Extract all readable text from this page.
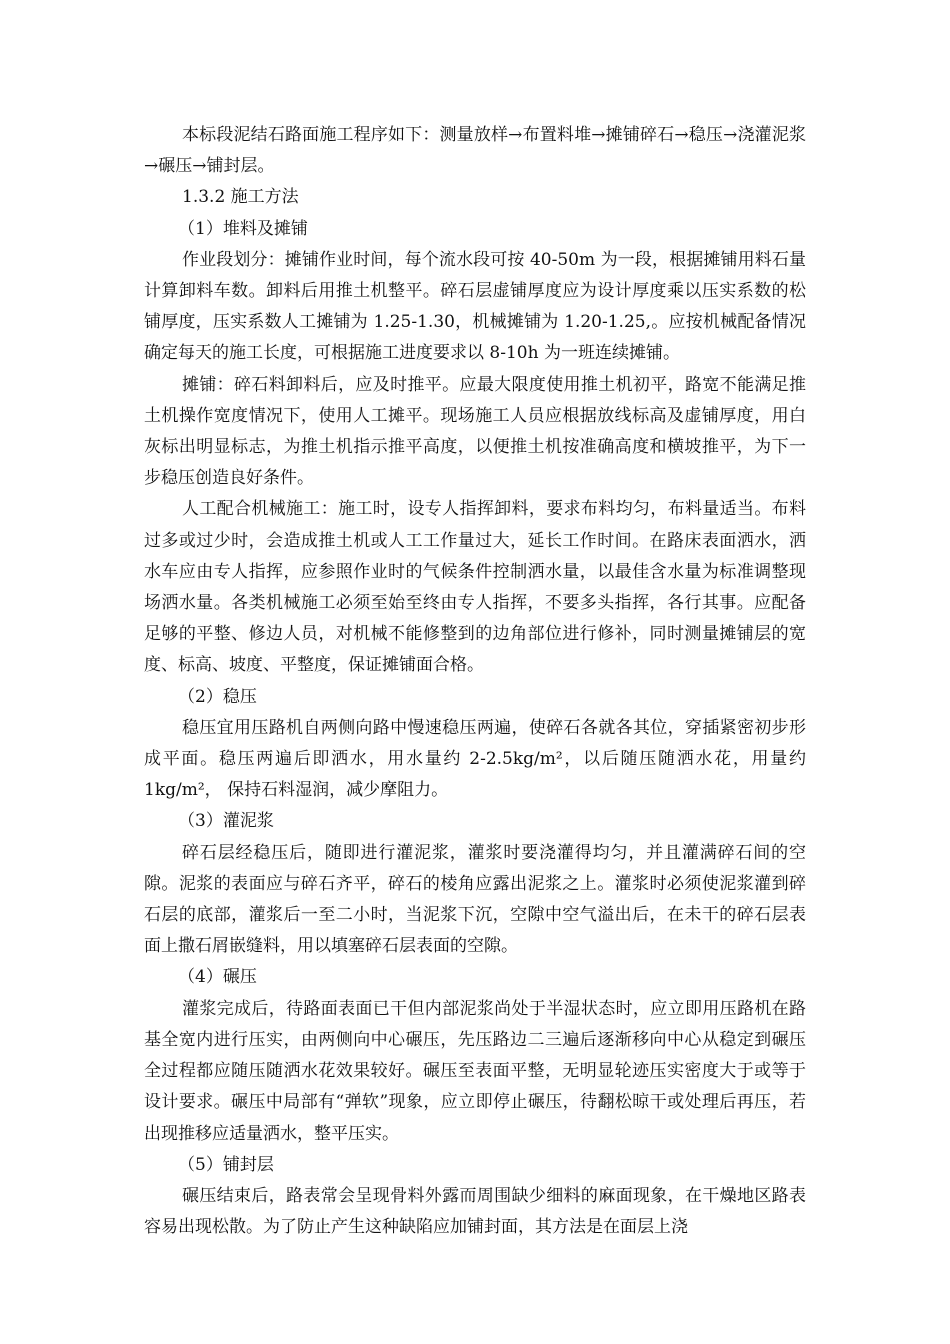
本标段泥结石路面施工程序如下：测量放样→布置料堆→摊铺碎石→稳压→浇灌泥浆→碾压→铺封层。

1.3.2 施工方法

（1）堆料及摊铺

作业段划分：摊铺作业时间，每个流水段可按 40-50m 为一段，根据摊铺用料石量计算卸料车数。卸料后用推土机整平。碎石层虚铺厚度应为设计厚度乘以压实系数的松铺厚度，压实系数人工摊铺为 1.25-1.30，机械摊铺为 1.20-1.25,。应按机械配备情况确定每天的施工长度，可根据施工进度要求以 8-10h 为一班连续摊铺。

摊铺：碎石料卸料后，应及时推平。应最大限度使用推土机初平，路宽不能满足推土机操作宽度情况下，使用人工摊平。现场施工人员应根据放线标高及虚铺厚度，用白灰标出明显标志，为推土机指示推平高度，以便推土机按准确高度和横坡推平，为下一步稳压创造良好条件。

人工配合机械施工：施工时，设专人指挥卸料，要求布料均匀，布料量适当。布料过多或过少时，会造成推土机或人工工作量过大，延长工作时间。在路床表面洒水，洒水车应由专人指挥，应参照作业时的气候条件控制洒水量，以最佳含水量为标准调整现场洒水量。各类机械施工必须至始至终由专人指挥，不要多头指挥，各行其事。应配备足够的平整、修边人员，对机械不能修整到的边角部位进行修补，同时测量摊铺层的宽度、标高、坡度、平整度，保证摊铺面合格。

（2）稳压

稳压宜用压路机自两侧向路中慢速稳压两遍，使碎石各就各其位，穿插紧密初步形成平面。稳压两遍后即洒水，用水量约 2-2.5kg/m²，以后随压随洒水花，用量约 1kg/m²， 保持石料湿润，减少摩阻力。

（3）灌泥浆

碎石层经稳压后，随即进行灌泥浆，灌浆时要浇灌得均匀，并且灌满碎石间的空隙。泥浆的表面应与碎石齐平，碎石的棱角应露出泥浆之上。灌浆时必须使泥浆灌到碎石层的底部，灌浆后一至二小时，当泥浆下沉，空隙中空气溢出后，在未干的碎石层表面上撒石屑嵌缝料，用以填塞碎石层表面的空隙。

（4）碾压

灌浆完成后，待路面表面已干但内部泥浆尚处于半湿状态时，应立即用压路机在路基全宽内进行压实，由两侧向中心碾压，先压路边二三遍后逐渐移向中心从稳定到碾压全过程都应随压随洒水花效果较好。碾压至表面平整，无明显轮迹压实密度大于或等于设计要求。碾压中局部有“弹软”现象，应立即停止碾压，待翻松晾干或处理后再压，若出现推移应适量洒水，整平压实。

（5）铺封层

碾压结束后，路表常会呈现骨料外露而周围缺少细料的麻面现象，在干燥地区路表容易出现松散。为了防止产生这种缺陷应加铺封面，其方法是在面层上浇
